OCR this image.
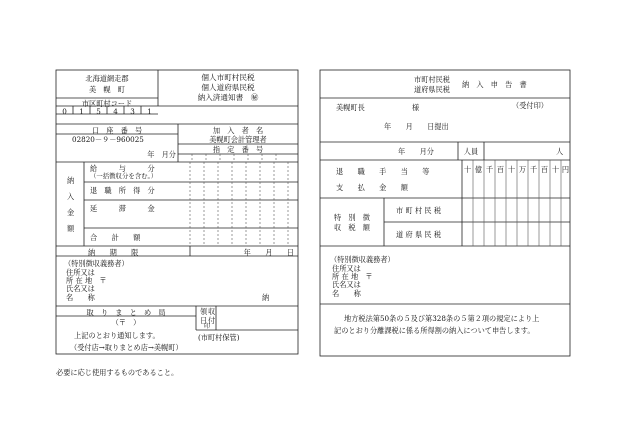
北海道網走郡
美　幌　町
市区町村コード
個人市町村民税
個人道府県民税
納入済通知書　㊙
0	1	5	4	3	1
口　座　番　号
02820－９－960025
年　月分
加　入　者　名
美幌町会計管理者
指　定　番　号
納
入
金
額
給　　　与　　　分
（一括徴収分を含む。）
退　職　所　得　分
延　　　滞　　　金
合　　計　　額
納　　期　　限	年　　月　　日
（特別徴収義務者）
住所又は
所 在 地　〒
氏名又は
名　　称	納
取　り　ま　と　め　局
（〒　）
領 収
日 付
印
上記のとおり通知します。
（受付店→取りまとめ店→美幌町）
(市町村保管)
市町村民税
道府県民税
納　入　申　告　書
美幌町長	様	（受付印）
年　　月　　日提出
年　　月分	人員	人
十 億 千 百 十 万 千 百 十 円
退　　職　　手　　当　　等
支　　払　　金　　額
特　別　徴
収　税　額
市 町 村 民 税
道 府 県 民 税
（特別徴収義務者）
住所又は
所 在 地　〒
氏名又は
名　　称
地方税法第50条の５及び第328条の５第２項の規定により上
記のとおり分離課税に係る所得割の納入について申告します。
必要に応じ使用するものであること。
